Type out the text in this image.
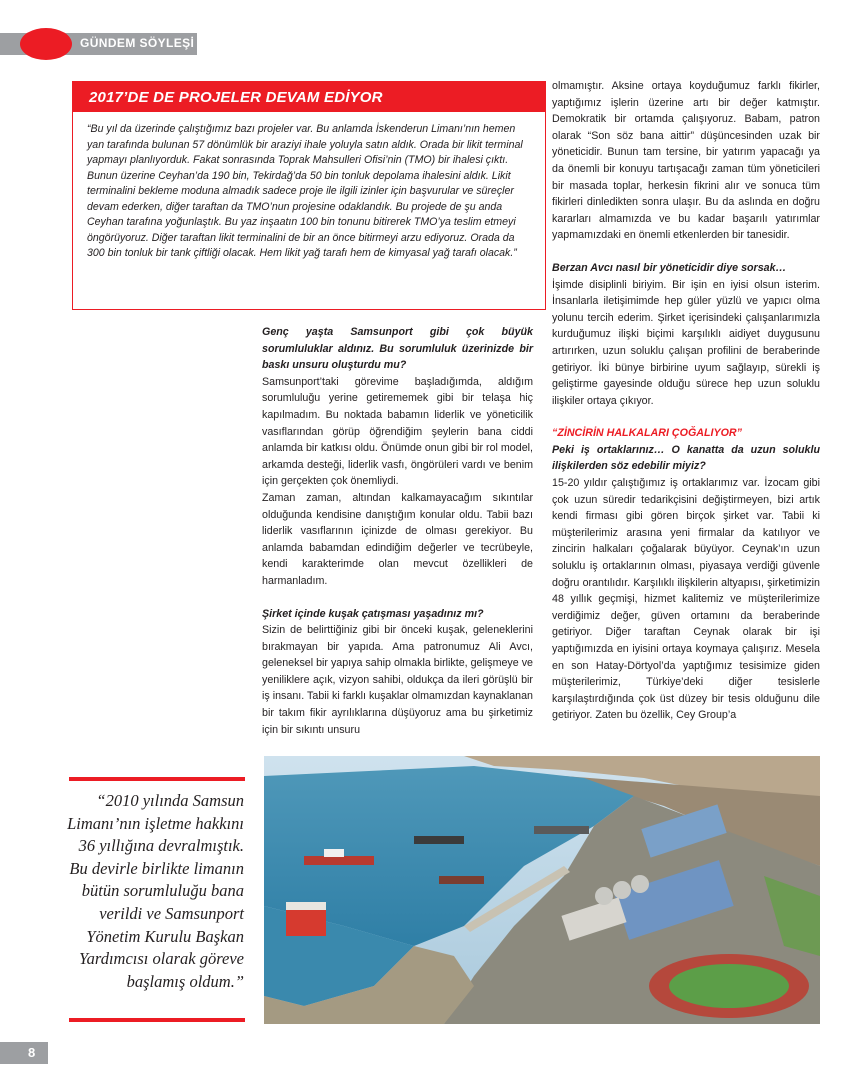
GÜNDEM SÖYLEŞİ
2017’DE DE PROJELER DEVAM EDİYOR
“Bu yıl da üzerinde çalıştığımız bazı projeler var. Bu anlamda İskenderun Limanı’nın hemen yan tarafında bulunan 57 dönümlük bir araziyi ihale yoluyla satın aldık. Orada bir likit terminal yapmayı planlıyorduk. Fakat sonrasında Toprak Mahsulleri Ofisi’nin (TMO) bir ihalesi çıktı. Bunun üzerine Ceyhan’da 190 bin, Tekirdağ’da 50 bin tonluk depolama ihalesini aldık. Likit terminalini bekleme moduna almadık sadece proje ile ilgili izinler için başvurular ve süreçler devam ederken, diğer taraftan da TMO’nun projesine odaklandık. Bu projede de şu anda Ceyhan tarafına yoğunlaştık. Bu yaz inşaatın 100 bin tonunu bitirerek TMO’ya teslim etmeyi öngörüyoruz. Diğer taraftan likit terminalini de bir an önce bitirmeyi arzu ediyoruz. Orada da 300 bin tonluk bir tank çiftliği olacak. Hem likit yağ tarafı hem de kimyasal yağ tarafı olacak.”

Genç yaşta Samsunport gibi çok büyük sorumluluklar aldınız. Bu sorumluluk üzerinizde bir baskı unsuru oluşturdu mu?

Samsunport’taki görevime başladığımda, aldığım sorumluluğu yerine getirememek gibi bir telaşa hiç kapılmadım. Bu noktada babamın liderlik ve yöneticilik vasıflarından görüp öğrendiğim şeylerin bana ciddi anlamda bir katkısı oldu. Önümde onun gibi bir rol model, arkamda desteği, liderlik vasfı, öngörüleri vardı ve benim için gerçekten çok önemliydi.

Zaman zaman, altından kalkamayacağım sıkıntılar olduğunda kendisine danıştığım konular oldu. Tabii bazı liderlik vasıflarının içinizde de olması gerekiyor. Bu anlamda babamdan edindiğim değerler ve tecrübeyle, kendi karakterimde olan mevcut özellikleri de harmanladım.

Şirket içinde kuşak çatışması yaşadınız mı?

Sizin de belirttiğiniz gibi bir önceki kuşak, geleneklerini bırakmayan bir yapıda. Ama patronumuz Ali Avcı, geleneksel bir yapıya sahip olmakla birlikte, gelişmeye ve yeniliklere açık, vizyon sahibi, oldukça da ileri görüşlü bir iş insanı. Tabii ki farklı kuşaklar olmamızdan kaynaklanan bir takım fikir ayrılıklarına düşüyoruz ama bu şirketimiz için bir sıkıntı unsuru

olmamıştır. Aksine ortaya koyduğumuz farklı fikirler, yaptığımız işlerin üzerine artı bir değer katmıştır. Demokratik bir ortamda çalışıyoruz. Babam, patron olarak “Son söz bana aittir” düşüncesinden uzak bir yöneticidir. Bunun tam tersine, bir yatırım yapacağı ya da önemli bir konuyu tartışacağı zaman tüm yöneticileri bir masada toplar, herkesin fikrini alır ve sonuca tüm fikirleri dinledikten sonra ulaşır. Bu da aslında en doğru kararları almamızda ve bu kadar başarılı yatırımlar yapmamızdaki en önemli etkenlerden bir tanesidir.

Berzan Avcı nasıl bir yöneticidir diye sorsak…

İşimde disiplinli biriyim. Bir işin en iyisi olsun isterim. İnsanlarla iletişimimde hep güler yüzlü ve yapıcı olma yolunu tercih ederim. Şirket içerisindeki çalışanlarımızla kurduğumuz ilişki biçimi karşılıklı aidiyet duygusunu artırırken, uzun soluklu çalışan profilini de beraberinde getiriyor. İki bünye birbirine uyum sağlayıp, sürekli iş geliştirme gayesinde olduğu sürece hep uzun soluklu ilişkiler ortaya çıkıyor.

“ZİNCİRİN HALKALARI ÇOĞALIYOR”

Peki iş ortaklarınız… O kanatta da uzun soluklu ilişkilerden söz edebilir miyiz?

15-20 yıldır çalıştığımız iş ortaklarımız var. İzocam gibi çok uzun süredir tedarikçisini değiştirmeyen, bizi artık kendi firması gibi gören birçok şirket var. Tabii ki müşterilerimiz arasına yeni firmalar da katılıyor ve zincirin halkaları çoğalarak büyüyor. Ceynak’ın uzun soluklu iş ortaklarının olması, piyasaya verdiği güvenle doğru orantılıdır. Karşılıklı ilişkilerin altyapısı, şirketimizin 48 yıllık geçmişi, hizmet kalitemiz ve müşterilerimize verdiğimiz değer, güven ortamını da beraberinde getiriyor. Diğer taraftan Ceynak olarak bir işi yaptığımızda en iyisini ortaya koymaya çalışırız. Mesela en son Hatay-Dörtyol’da yaptığımız tesisimize giden müşterilerimiz, Türkiye’deki diğer tesislerle karşılaştırdığında çok üst düzey bir tesis olduğunu dile getiriyor. Zaten bu özellik, Cey Group’a

“2010 yılında Samsun Limanı’nın işletme hakkını 36 yıllığına devralmıştık. Bu devirle birlikte limanın bütün sorumluluğu bana verildi ve Samsunport Yönetim Kurulu Başkan Yardımcısı olarak göreve başlamış oldum.”
8
